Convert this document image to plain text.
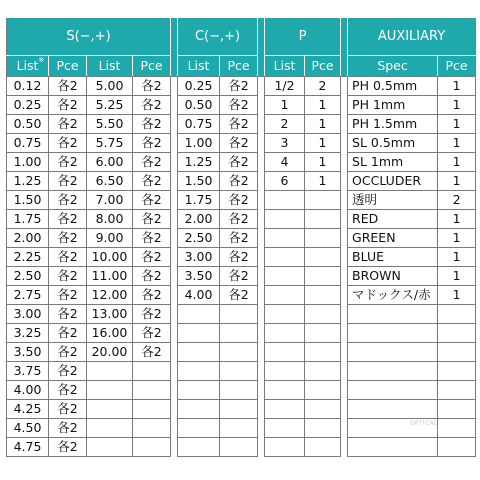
S(−,+)					C(−,+)			P			AUXILIARY	
List ※	Pce	List	Pce		List	Pce		List	Pce		Spec	Pce
0.12	各2	5.00	各2		0.25	各2		1/2	2		PH 0.5mm	1
0.25	各2	5.25	各2		0.50	各2		1	1		PH 1mm	1
0.50	各2	5.50	各2		0.75	各2		2	1		PH 1.5mm	1
0.75	各2	5.75	各2		1.00	各2		3	1		SL 0.5mm	1
1.00	各2	6.00	各2		1.25	各2		4	1		SL 1mm	1
1.25	各2	6.50	各2		1.50	各2		6	1		OCCLUDER	1
1.50	各2	7.00	各2		1.75	各2					透明	2
1.75	各2	8.00	各2		2.00	各2					RED	1
2.00	各2	9.00	各2		2.50	各2					GREEN	1
2.25	各2	10.00	各2		3.00	各2					BLUE	1
2.50	各2	11.00	各2		3.50	各2					BROWN	1
2.75	各2	12.00	各2		4.00	各2					マドックス/赤	1
3.00	各2	13.00	各2									
3.25	各2	16.00	各2									
3.50	各2	20.00	各2									
3.75	各2											
4.00	各2											
4.25	各2											
4.50	各2											
4.75	各2											
OPTICAL
